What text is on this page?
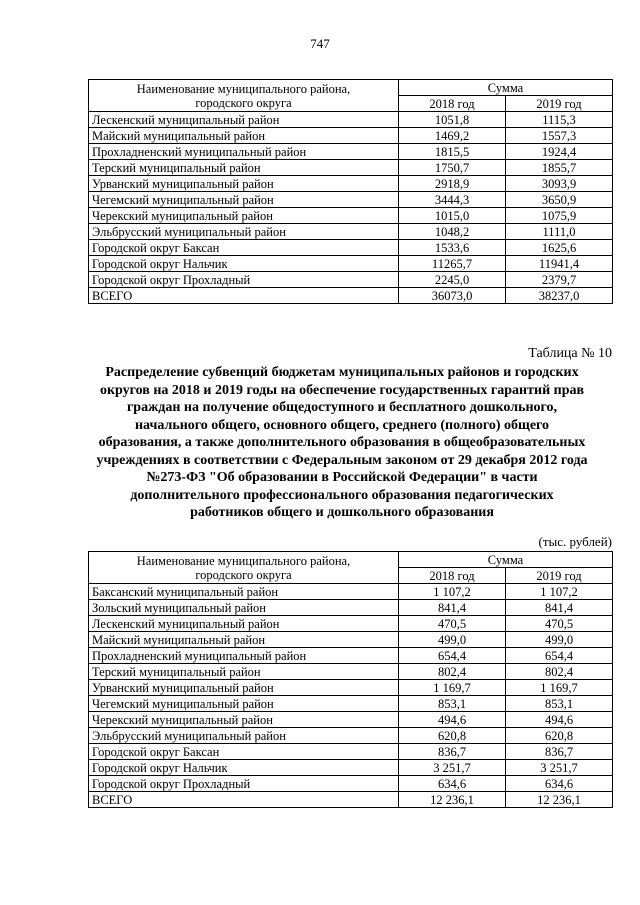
747
Наименование муниципального района,
городского округа	Сумма	
	2018 год	2019 год
Лескенский муниципальный район	1051,8	1115,3
Майский муниципальный район	1469,2	1557,3
Прохладненский муниципальный район	1815,5	1924,4
Терский муниципальный район	1750,7	1855,7
Урванский муниципальный район	2918,9	3093,9
Чегемский муниципальный район	3444,3	3650,9
Черекский муниципальный район	1015,0	1075,9
Эльбрусский муниципальный район	1048,2	1111,0
Городской округ Баксан	1533,6	1625,6
Городской округ Нальчик	11265,7	11941,4
Городской округ Прохладный	2245,0	2379,7
ВСЕГО	36073,0	38237,0
Таблица № 10
Распределение субвенций бюджетам муниципальных районов и городских округов на 2018 и 2019 годы на обеспечение государственных гарантий прав граждан на получение общедоступного и бесплатного дошкольного, начального общего, основного общего, среднего (полного) общего образования, а также дополнительного образования в общеобразовательных учреждениях в соответствии с Федеральным законом от 29 декабря 2012 года №273-ФЗ "Об образовании в Российской Федерации" в части дополнительного профессионального образования педагогических работников общего и дошкольного образования
(тыс. рублей)
Наименование муниципального района,
городского округа	Сумма	
	2018 год	2019 год
Баксанский муниципальный район	1 107,2	1 107,2
Зольский муниципальный район	841,4	841,4
Лескенский муниципальный район	470,5	470,5
Майский муниципальный район	499,0	499,0
Прохладненский муниципальный район	654,4	654,4
Терский муниципальный район	802,4	802,4
Урванский муниципальный район	1 169,7	1 169,7
Чегемский муниципальный район	853,1	853,1
Черекский муниципальный район	494,6	494,6
Эльбрусский муниципальный район	620,8	620,8
Городской округ Баксан	836,7	836,7
Городской округ Нальчик	3 251,7	3 251,7
Городской округ Прохладный	634,6	634,6
ВСЕГО	12 236,1	12 236,1
